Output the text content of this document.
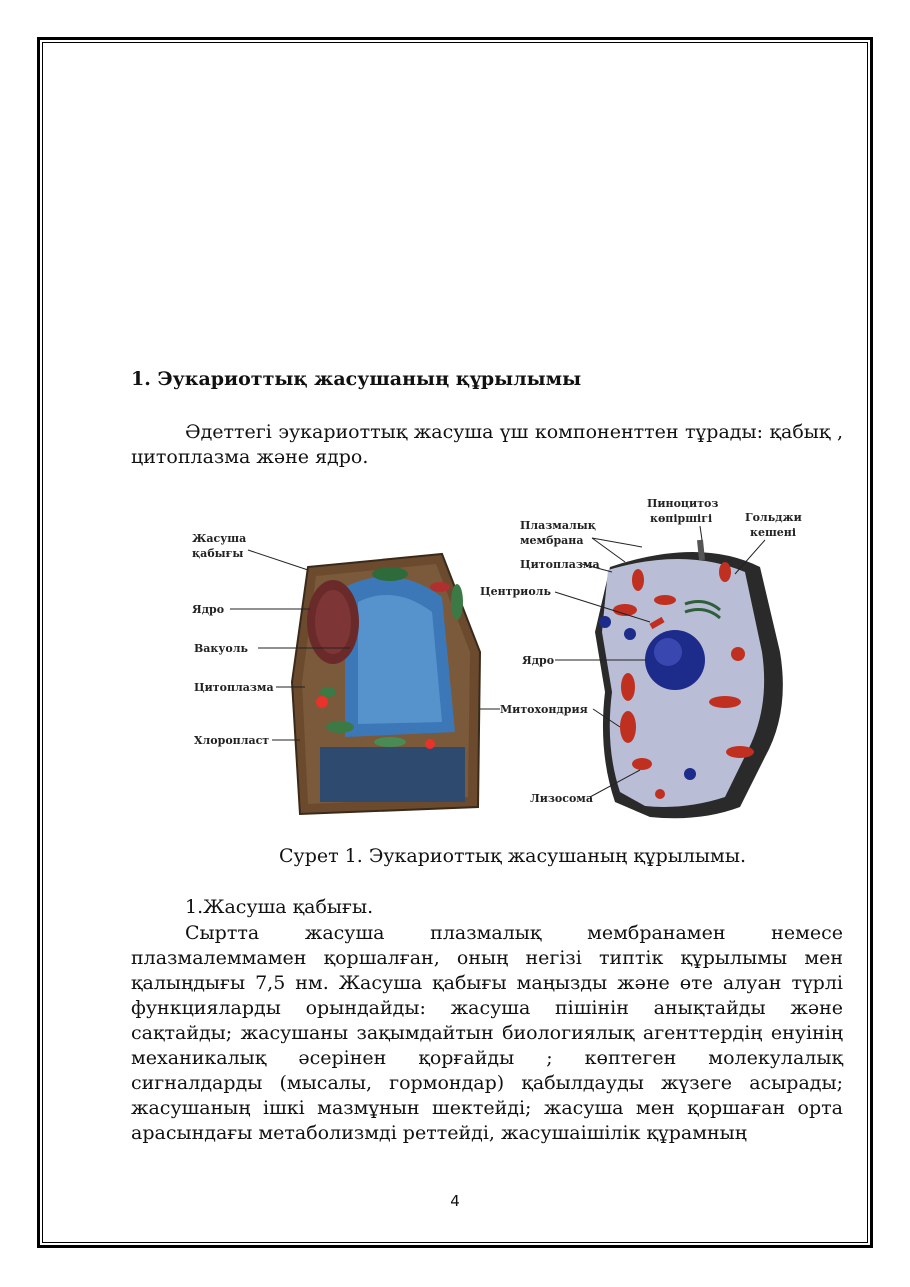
1. Эукариоттық жасушаның құрылымы

Әдеттегі эукариоттық жасуша үш компоненттен тұрады: қабық , цитоплазма және ядро.

Жасуша
қабығы
Ядро
Вакуоль
Цитоплазма
Хлоропласт
Пиноцитоз
көпіршігі	Гольджи
кешені
Плазмалық
мембрана
Цитоплазма
Центриоль
Ядро
Митохондрия
Лизосома

Сурет 1. Эукариоттық жасушаның құрылымы.

1.Жасуша қабығы.

Сыртта жасуша плазмалық мембранамен немесе плазмалеммамен қоршалған, оның негізі типтік құрылымы мен қалыңдығы 7,5 нм. Жасуша қабығы маңызды және өте алуан түрлі функцияларды орындайды: жасуша пішінін анықтайды және сақтайды; жасушаны зақымдайтын биологиялық агенттердің енуінің механикалық әсерінен қорғайды ; көптеген молекулалық сигналдарды (мысалы, гормондар) қабылдауды жүзеге асырады; жасушаның ішкі мазмұнын шектейді; жасуша мен қоршаған орта арасындағы метаболизмді реттейді, жасушаішілік құрамның

4
